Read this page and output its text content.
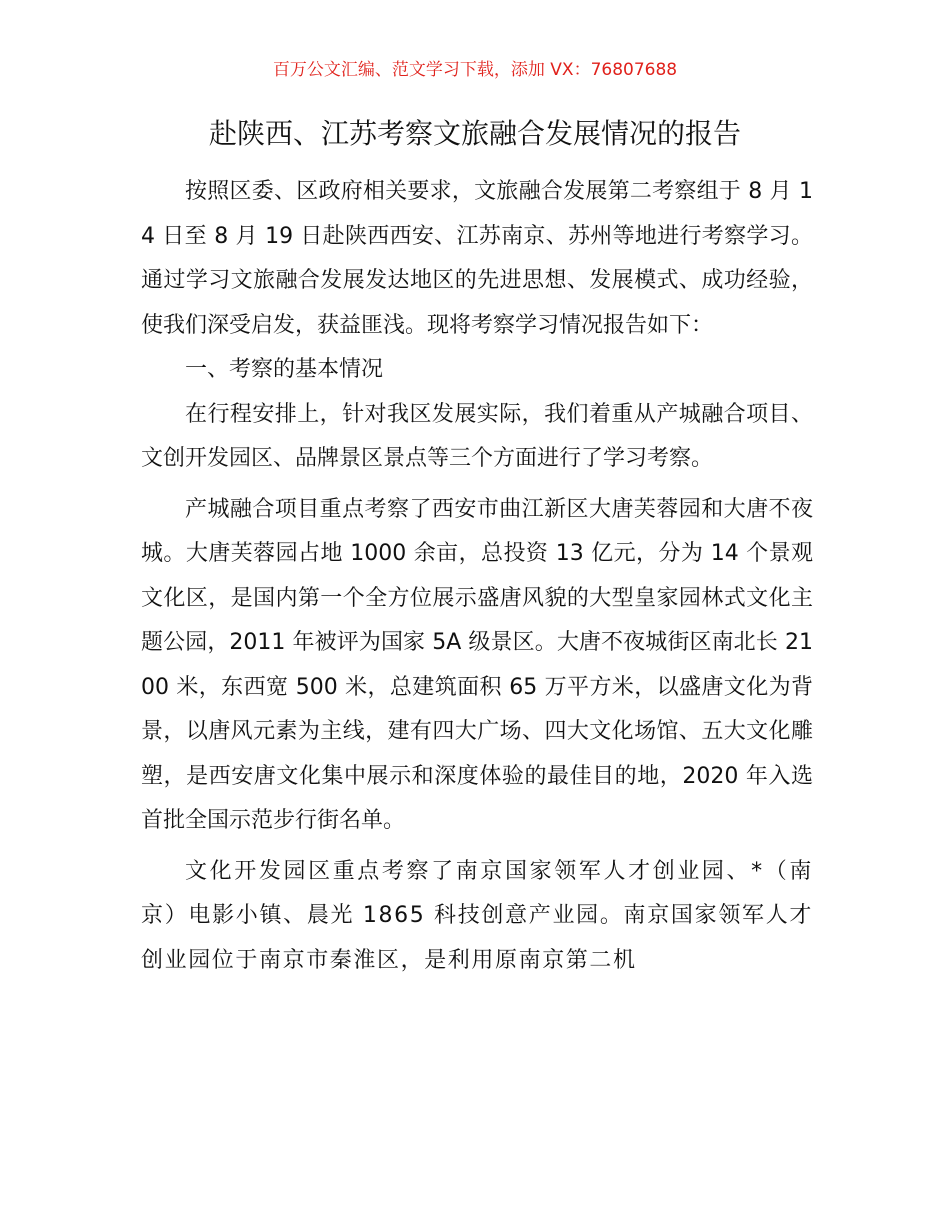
百万公文汇编、范文学习下载，添加 VX：76807688
赴陕西、江苏考察文旅融合发展情况的报告

按照区委、区政府相关要求，文旅融合发展第二考察组于 8 月 14 日至 8 月 19 日赴陕西西安、江苏南京、苏州等地进行考察学习。通过学习文旅融合发展发达地区的先进思想、发展模式、成功经验，使我们深受启发，获益匪浅。现将考察学习情况报告如下：

一、考察的基本情况

在行程安排上，针对我区发展实际，我们着重从产城融合项目、文创开发园区、品牌景区景点等三个方面进行了学习考察。

产城融合项目重点考察了西安市曲江新区大唐芙蓉园和大唐不夜城。大唐芙蓉园占地 1000 余亩，总投资 13 亿元，分为 14 个景观文化区，是国内第一个全方位展示盛唐风貌的大型皇家园林式文化主题公园，2011 年被评为国家 5A 级景区。大唐不夜城街区南北长 2100 米，东西宽 500 米，总建筑面积 65 万平方米，以盛唐文化为背景，以唐风元素为主线，建有四大广场、四大文化场馆、五大文化雕塑，是西安唐文化集中展示和深度体验的最佳目的地，2020 年入选首批全国示范步行街名单。

文化开发园区重点考察了南京国家领军人才创业园、*（南京）电影小镇、晨光 1865 科技创意产业园。南京国家领军人才创业园位于南京市秦淮区，是利用原南京第二机
